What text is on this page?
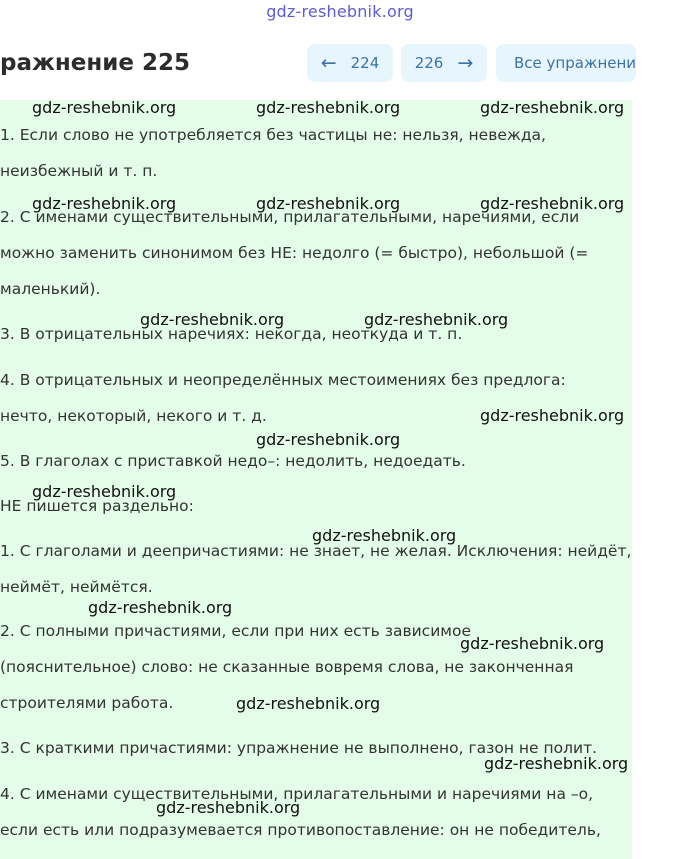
gdz-reshebnik.org
ражнение 225	← 224 226 →	Все упражнени
1. Если слово не употребляется без частицы не: нельзя, невежда,
неизбежный и т. п.
2. С именами существительными, прилагательными, наречиями, если
можно заменить синонимом без НЕ: недолго (= быстро), небольшой (=
маленький).
3. В отрицательных наречиях: некогда, неоткуда и т. п.
4. В отрицательных и неопределённых местоимениях без предлога:
нечто, некоторый, некого и т. д.
5. В глаголах с приставкой недо–: недолить, недоедать.
НЕ пишется раздельно:
1. С глаголами и деепричастиями: не знает, не желая. Исключения: нейдёт,
неймёт, неймётся.
2. С полными причастиями, если при них есть зависимое
(пояснительное) слово: не сказанные вовремя слова, не законченная
строителями работа.
3. С краткими причастиями: упражнение не выполнено, газон не полит.
4. С именами существительными, прилагательными и наречиями на –о,
если есть или подразумевается противопоставление: он не победитель,
gdz-reshebnik.org	gdz-reshebnik.org	gdz-reshebnik.org
gdz-reshebnik.org	gdz-reshebnik.org	gdz-reshebnik.org
gdz-reshebnik.org	gdz-reshebnik.org
gdz-reshebnik.org
gdz-reshebnik.org
gdz-reshebnik.org
gdz-reshebnik.org
gdz-reshebnik.org
gdz-reshebnik.org
gdz-reshebnik.org
gdz-reshebnik.org
gdz-reshebnik.org
